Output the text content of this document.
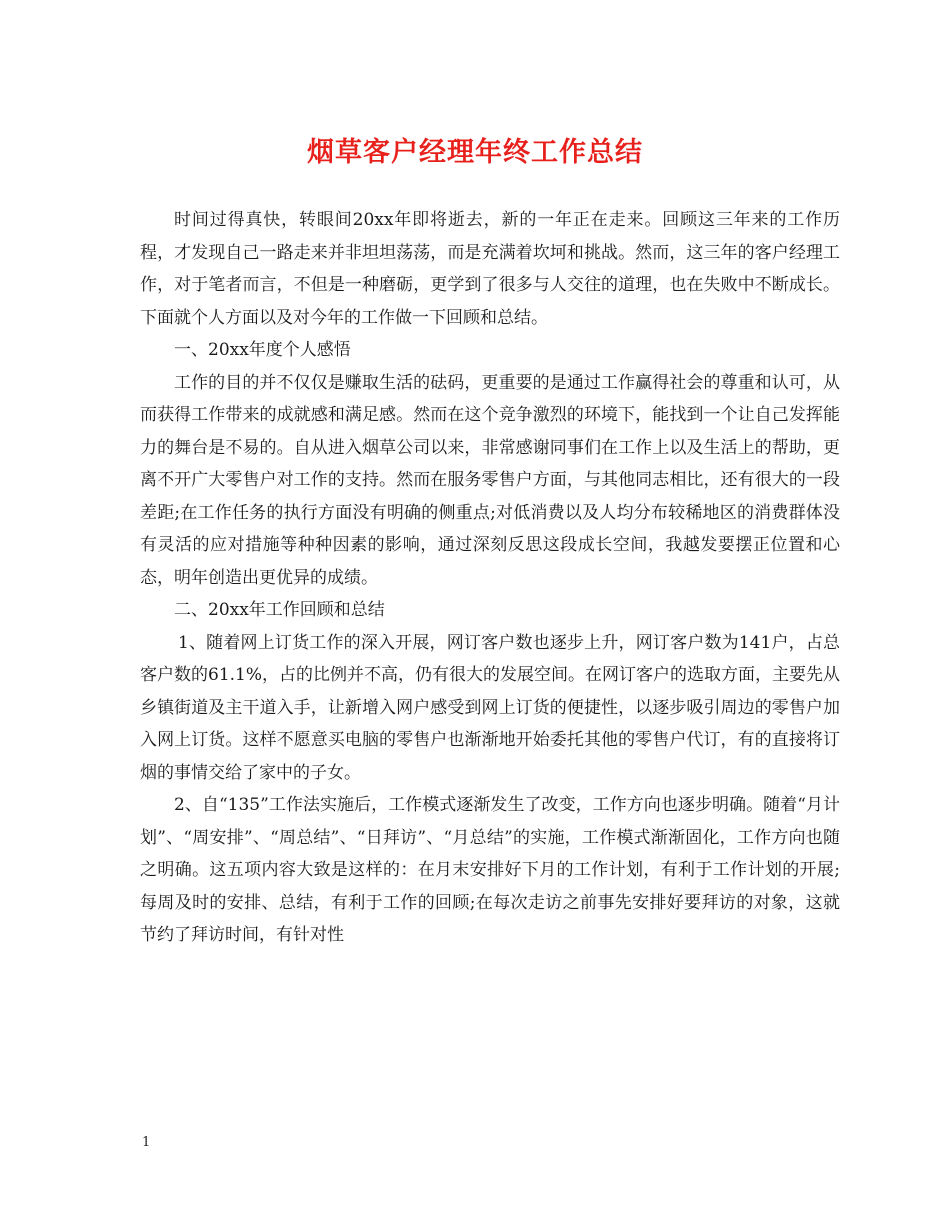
烟草客户经理年终工作总结

时间过得真快，转眼间20xx年即将逝去，新的一年正在走来。回顾这三年来的工作历程，才发现自己一路走来并非坦坦荡荡，而是充满着坎坷和挑战。然而，这三年的客户经理工作，对于笔者而言，不但是一种磨砺，更学到了很多与人交往的道理，也在失败中不断成长。下面就个人方面以及对今年的工作做一下回顾和总结。

一、20xx年度个人感悟

工作的目的并不仅仅是赚取生活的砝码，更重要的是通过工作赢得社会的尊重和认可，从而获得工作带来的成就感和满足感。然而在这个竞争激烈的环境下，能找到一个让自己发挥能力的舞台是不易的。自从进入烟草公司以来，非常感谢同事们在工作上以及生活上的帮助，更离不开广大零售户对工作的支持。然而在服务零售户方面，与其他同志相比，还有很大的一段差距;在工作任务的执行方面没有明确的侧重点;对低消费以及人均分布较稀地区的消费群体没有灵活的应对措施等种种因素的影响，通过深刻反思这段成长空间，我越发要摆正位置和心态，明年创造出更优异的成绩。

二、20xx年工作回顾和总结

1、随着网上订货工作的深入开展，网订客户数也逐步上升，网订客户数为141户，占总客户数的61.1%，占的比例并不高，仍有很大的发展空间。在网订客户的选取方面，主要先从乡镇街道及主干道入手，让新增入网户感受到网上订货的便捷性，以逐步吸引周边的零售户加入网上订货。这样不愿意买电脑的零售户也渐渐地开始委托其他的零售户代订，有的直接将订烟的事情交给了家中的子女。

2、自“135”工作法实施后，工作模式逐渐发生了改变，工作方向也逐步明确。随着“月计划”、“周安排”、“周总结”、“日拜访”、“月总结”的实施，工作模式渐渐固化，工作方向也随之明确。这五项内容大致是这样的：在月末安排好下月的工作计划，有利于工作计划的开展;每周及时的安排、总结，有利于工作的回顾;在每次走访之前事先安排好要拜访的对象，这就节约了拜访时间，有针对性

1
